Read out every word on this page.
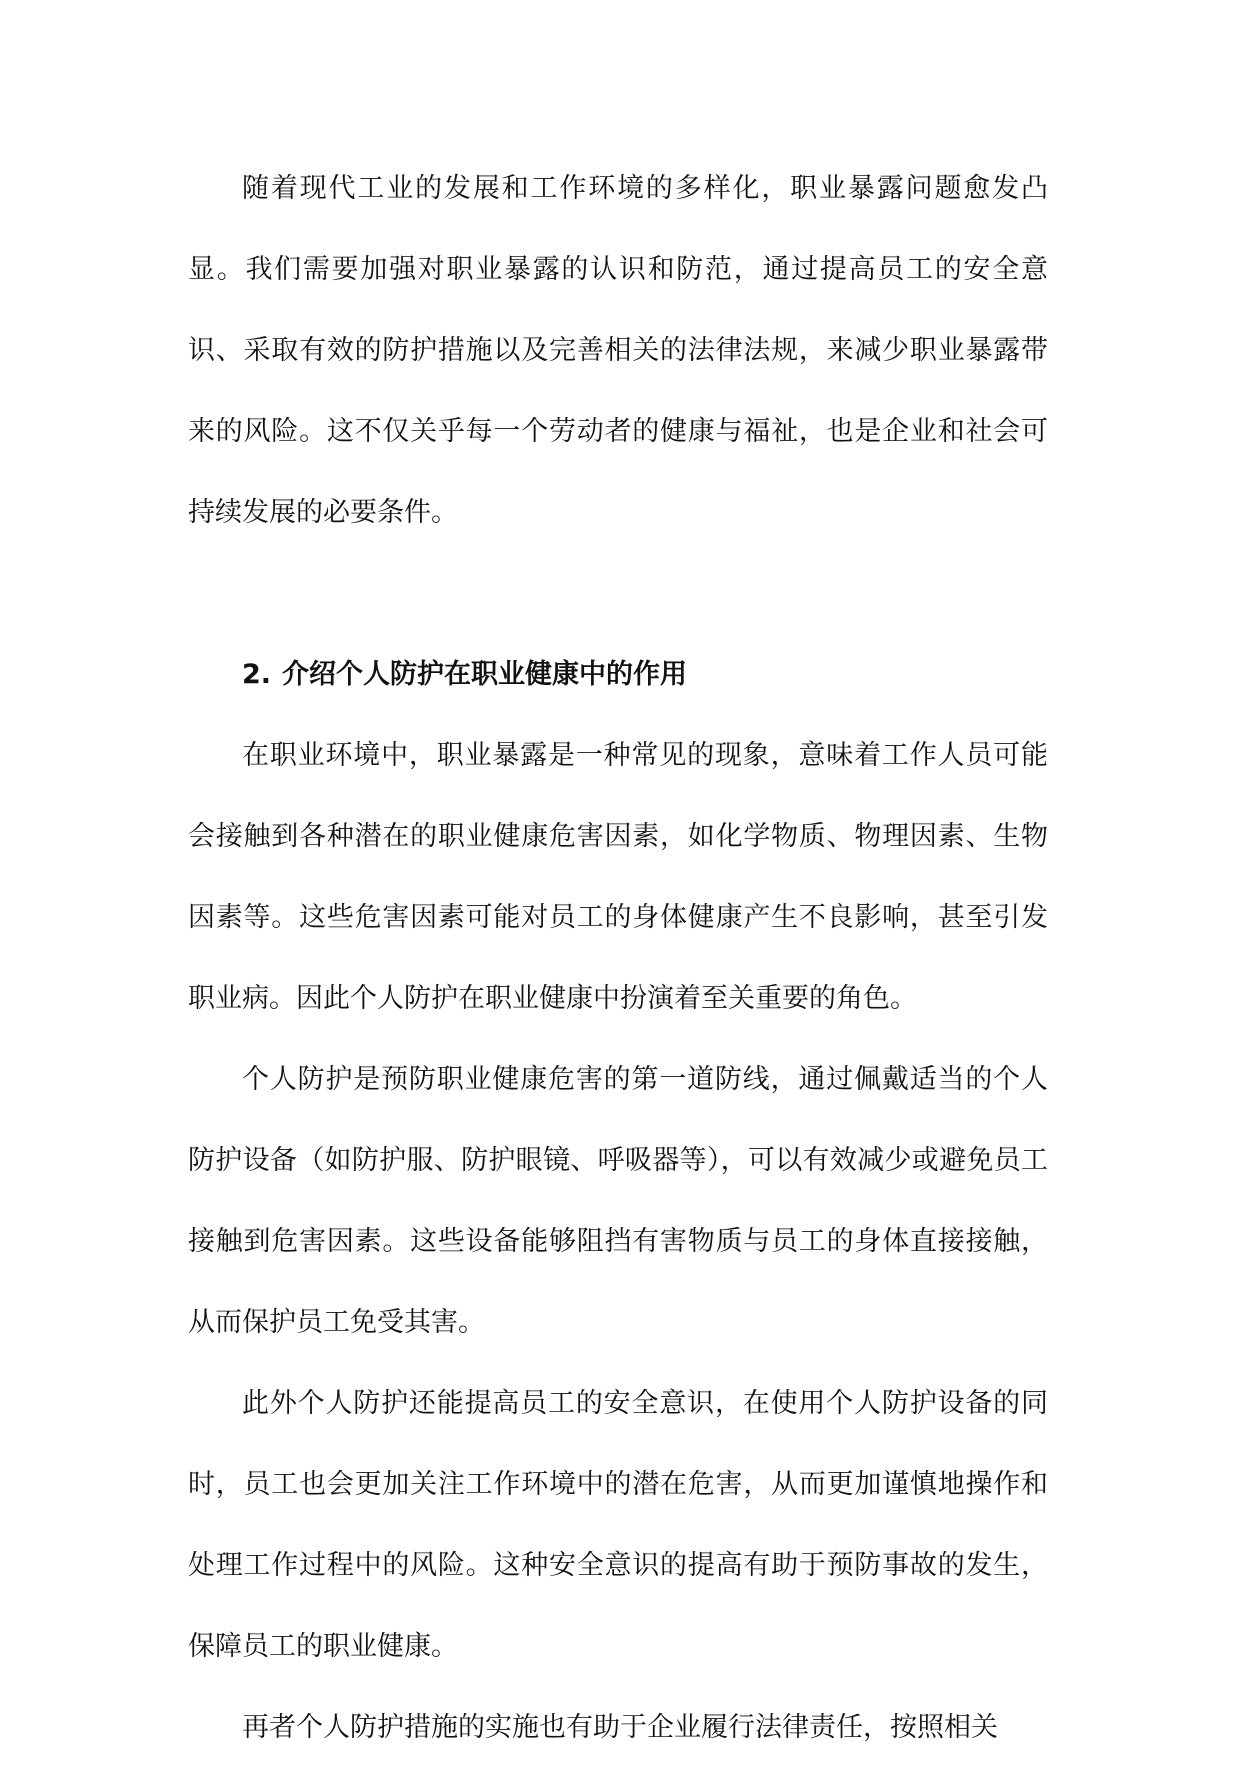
随着现代工业的发展和工作环境的多样化，职业暴露问题愈发凸显。我们需要加强对职业暴露的认识和防范，通过提高员工的安全意识、采取有效的防护措施以及完善相关的法律法规，来减少职业暴露带来的风险。这不仅关乎每一个劳动者的健康与福祉，也是企业和社会可持续发展的必要条件。

2. 介绍个人防护在职业健康中的作用

在职业环境中，职业暴露是一种常见的现象，意味着工作人员可能会接触到各种潜在的职业健康危害因素，如化学物质、物理因素、生物因素等。这些危害因素可能对员工的身体健康产生不良影响，甚至引发职业病。因此个人防护在职业健康中扮演着至关重要的角色。

个人防护是预防职业健康危害的第一道防线，通过佩戴适当的个人防护设备（如防护服、防护眼镜、呼吸器等），可以有效减少或避免员工接触到危害因素。这些设备能够阻挡有害物质与员工的身体直接接触，从而保护员工免受其害。

此外个人防护还能提高员工的安全意识，在使用个人防护设备的同时，员工也会更加关注工作环境中的潜在危害，从而更加谨慎地操作和处理工作过程中的风险。这种安全意识的提高有助于预防事故的发生，保障员工的职业健康。

再者个人防护措施的实施也有助于企业履行法律责任，按照相关
